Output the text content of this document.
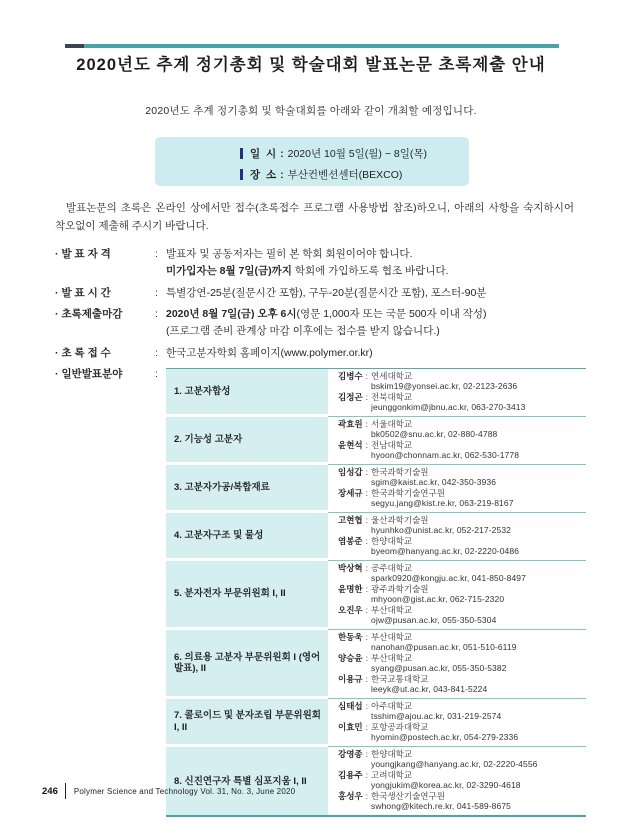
2020년도 추계 정기총회 및 학술대회 발표논문 초록제출 안내

2020년도 추계 정기총회 및 학술대회를 아래와 같이 개최할 예정입니다.

일  시 : 2020년 10월 5일(월) ~ 8일(목)
장  소 : 부산컨벤션센터(BEXCO)

발표논문의 초록은 온라인 상에서만 접수(초록접수 프로그램 사용방법 참조)하오니, 아래의 사항을 숙지하시어 착오없이 제출해 주시기 바랍니다.

· 발 표 자 격	: 발표자 및 공동저자는 필히 본 학회 회원이어야 합니다.
미가입자는 8월 7일(금)까지 학회에 가입하도록 협조 바랍니다.
· 발 표 시 간	: 특별강연-25분(질문시간 포함), 구두-20분(질문시간 포함), 포스터-90분
· 초록제출마감	: 2020년 8월 7일(금) 오후 6시(영문 1,000자 또는 국문 500자 이내 작성)
(프로그램 준비 관계상 마감 이후에는 접수를 받지 않습니다.)
· 초 록 접 수	: 한국고분자학회 홈페이지(www.polymer.or.kr)
· 일반발표분야	:
1. 고분자합성
김병수 : 연세대학교
bskim19@yonsei.ac.kr, 02-2123-2636
김정곤 : 전북대학교
jeunggonkim@jbnu.ac.kr, 063-270-3413
2. 기능성 고분자
곽효원 : 서울대학교
bk0502@snu.ac.kr, 02-880-4788
윤현석 : 전남대학교
hyoon@chonnam.ac.kr, 062-530-1778
3. 고분자가공/복합재료
임성갑 : 한국과학기술원
sgim@kaist.ac.kr, 042-350-3936
장세규 : 한국과학기술연구원
segyu.jang@kist.re.kr, 063-219-8167
4. 고분자구조 및 물성
고현협 : 울산과학기술원
hyunhko@unist.ac.kr, 052-217-2532
염봉준 : 한양대학교
byeom@hanyang.ac.kr, 02-2220-0486
5. 분자전자 부문위원회 I, II
박상혁 : 공주대학교
spark0920@kongju.ac.kr, 041-850-8497
윤명한 : 광주과학기술원
mhyoon@gist.ac.kr, 062-715-2320
오진우 : 부산대학교
ojw@pusan.ac.kr, 055-350-5304
6. 의료용 고분자 부문위원회 I (영어발표), II
한동욱 : 부산대학교
nanohan@pusan.ac.kr, 051-510-6119
양승윤 : 부산대학교
syang@pusan.ac.kr, 055-350-5382
이용규 : 한국교통대학교
leeyk@ut.ac.kr, 043-841-5224
7. 콜로이드 및 분자조립 부문위원회 I, II
심태섭 : 아주대학교
tsshim@ajou.ac.kr, 031-219-2574
이효민 : 포항공과대학교
hyomin@postech.ac.kr, 054-279-2336
8. 신진연구자 특별 심포지움 I, II
강영종 : 한양대학교
youngjkang@hanyang.ac.kr, 02-2220-4556
김용주 : 고려대학교
yongjukim@korea.ac.kr, 02-3290-4618
홍성우 : 한국생산기술연구원
swhong@kitech.re.kr, 041-589-8675
246 Polymer Science and Technology Vol. 31, No. 3, June 2020
